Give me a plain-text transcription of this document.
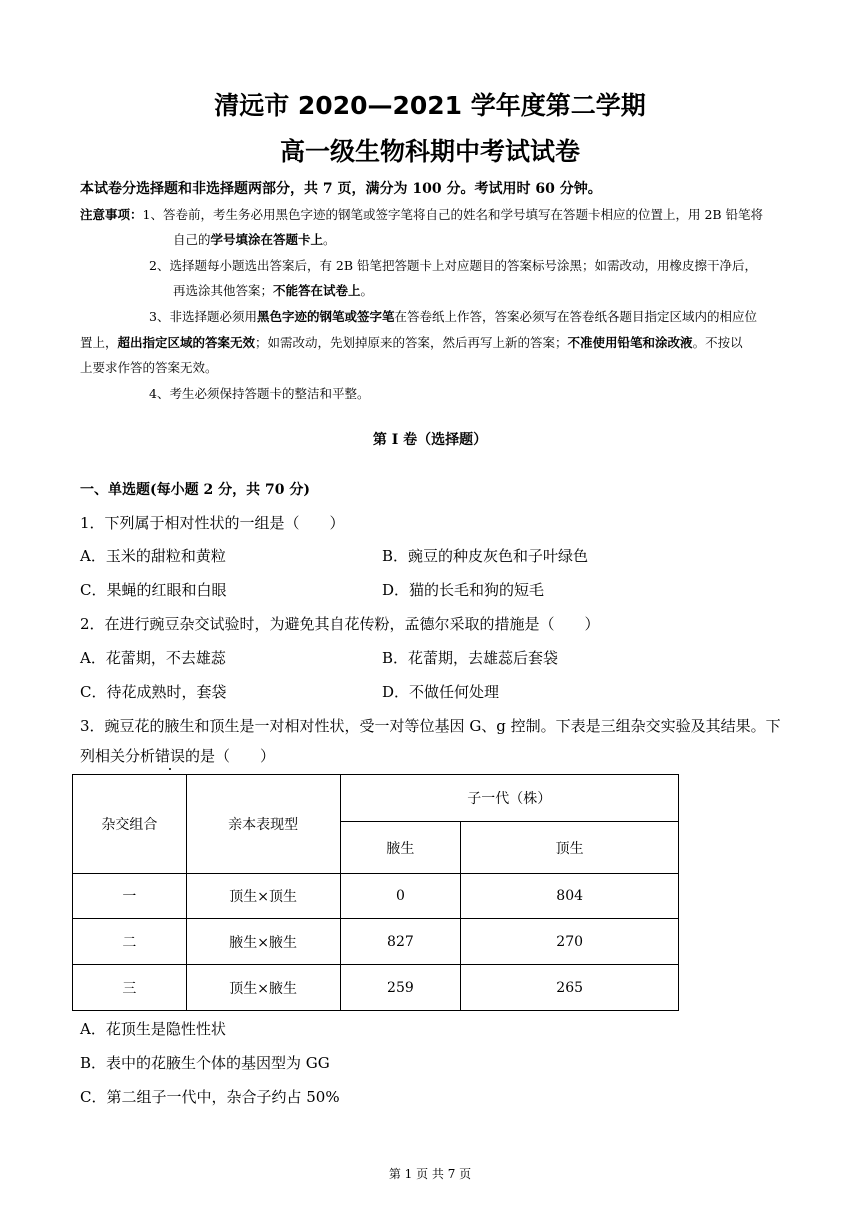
清远市 2020—2021 学年度第二学期
高一级生物科期中考试试卷
本试卷分选择题和非选择题两部分，共 7 页，满分为 100 分。考试用时 60 分钟。
注意事项：1、答卷前，考生务必用黑色字迹的钢笔或签字笔将自己的姓名和学号填写在答题卡相应的位置上，用 2B 铅笔将
自己的学号填涂在答题卡上。
2、选择题每小题选出答案后，有 2B 铅笔把答题卡上对应题目的答案标号涂黑；如需改动，用橡皮擦干净后，
再选涂其他答案；不能答在试卷上。
3、非选择题必须用黑色字迹的钢笔或签字笔在答卷纸上作答，答案必须写在答卷纸各题目指定区域内的相应位
置上，超出指定区域的答案无效；如需改动，先划掉原来的答案，然后再写上新的答案；不准使用铅笔和涂改液。不按以
上要求作答的答案无效。
4、考生必须保持答题卡的整洁和平整。
第 I 卷（选择题）
一、单选题(每小题 2 分，共 70 分)
1．下列属于相对性状的一组是（　　）
A．玉米的甜粒和黄粒	B．豌豆的种皮灰色和子叶绿色
C．果蝇的红眼和白眼	D．猫的长毛和狗的短毛
2．在进行豌豆杂交试验时，为避免其自花传粉，孟德尔采取的措施是（　　）
A．花蕾期，不去雄蕊	B．花蕾期，去雄蕊后套袋
C．待花成熟时，套袋	D．不做任何处理
3．豌豆花的腋生和顶生是一对相对性状，受一对等位基因 G、g 控制。下表是三组杂交实验及其结果。下
列相关分析错误的是（　　）
杂交组合	亲本表现型	子一代（株）	
		腋生	顶生
一	顶生×顶生	0	804
二	腋生×腋生	827	270
三	顶生×腋生	259	265
A．花顶生是隐性性状
B．表中的花腋生个体的基因型为 GG
C．第二组子一代中，杂合子约占 50%
第 1 页 共 7 页
